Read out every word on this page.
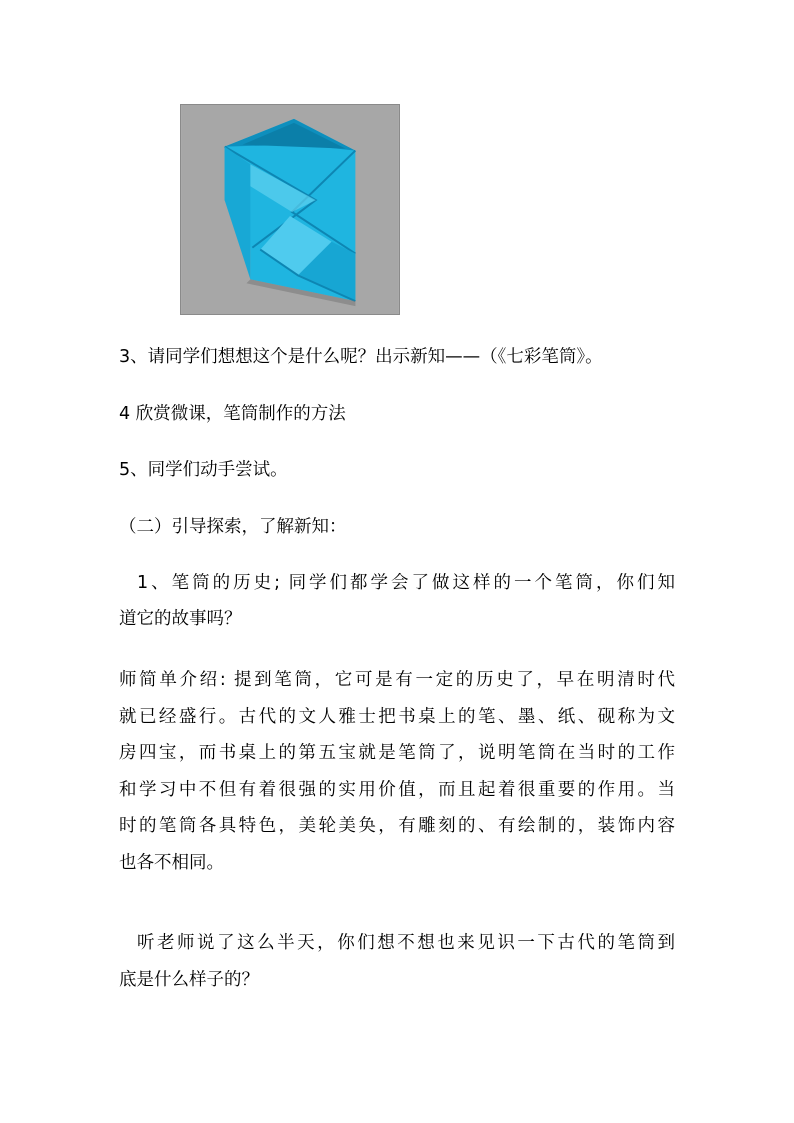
3、请同学们想想这个是什么呢？出示新知——（《七彩笔筒》。

4 欣赏微课，笔筒制作的方法

5、同学们动手尝试。

（二）引导探索，了解新知：

1、笔筒的历史; 同学们都学会了做这样的一个笔筒，你们知
道它的故事吗？
师简单介绍: 提到笔筒，它可是有一定的历史了，早在明清时代
就已经盛行。古代的文人雅士把书桌上的笔、墨、纸、砚称为文
房四宝，而书桌上的第五宝就是笔筒了，说明笔筒在当时的工作
和学习中不但有着很强的实用价值，而且起着很重要的作用。当
时的笔筒各具特色，美轮美奂，有雕刻的、有绘制的，装饰内容
也各不相同。
听老师说了这么半天，你们想不想也来见识一下古代的笔筒到
底是什么样子的？
